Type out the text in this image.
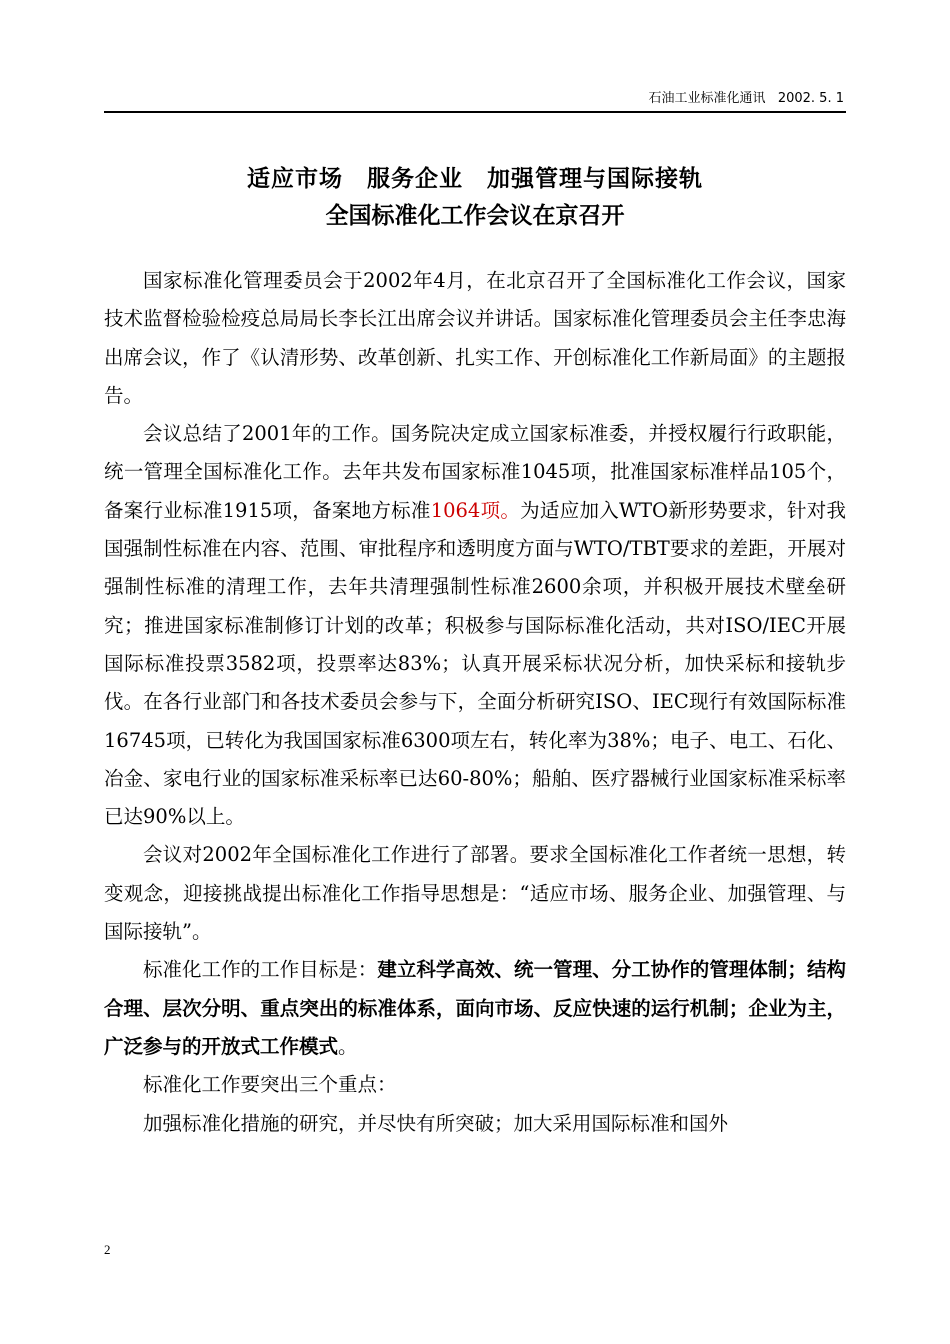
石油工业标准化通讯   2002. 5. 1
适应市场　服务企业　加强管理与国际接轨
全国标准化工作会议在京召开

国家标准化管理委员会于2002年4月，在北京召开了全国标准化工作会议，国家技术监督检验检疫总局局长李长江出席会议并讲话。国家标准化管理委员会主任李忠海出席会议，作了《认清形势、改革创新、扎实工作、开创标准化工作新局面》的主题报告。

会议总结了2001年的工作。国务院决定成立国家标准委，并授权履行行政职能，统一管理全国标准化工作。去年共发布国家标准1045项，批准国家标准样品105个，备案行业标准1915项，备案地方标准1064项。为适应加入WTO新形势要求，针对我国强制性标准在内容、范围、审批程序和透明度方面与WTO/TBT要求的差距，开展对强制性标准的清理工作，去年共清理强制性标准2600余项，并积极开展技术壁垒研究；推进国家标准制修订计划的改革；积极参与国际标准化活动，共对ISO/IEC开展国际标准投票3582项，投票率达83%；认真开展采标状况分析，加快采标和接轨步伐。在各行业部门和各技术委员会参与下，全面分析研究ISO、IEC现行有效国际标准16745项，已转化为我国国家标准6300项左右，转化率为38%；电子、电工、石化、冶金、家电行业的国家标准采标率已达60-80%；船舶、医疗器械行业国家标准采标率已达90%以上。

会议对2002年全国标准化工作进行了部署。要求全国标准化工作者统一思想，转变观念，迎接挑战提出标准化工作指导思想是：“适应市场、服务企业、加强管理、与国际接轨”。

标准化工作的工作目标是：建立科学高效、统一管理、分工协作的管理体制；结构合理、层次分明、重点突出的标准体系，面向市场、反应快速的运行机制；企业为主，广泛参与的开放式工作模式。

标准化工作要突出三个重点：

加强标准化措施的研究，并尽快有所突破；加大采用国际标准和国外

2
